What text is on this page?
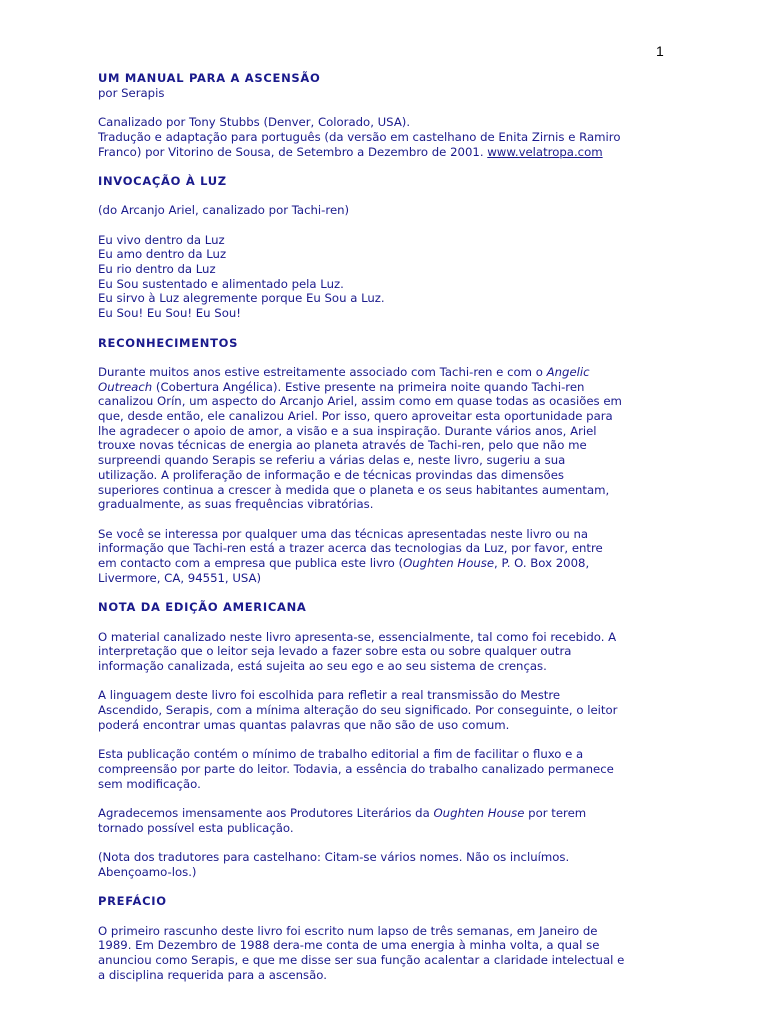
1

UM MANUAL PARA A ASCENSÃO

por Serapis

Canalizado por Tony Stubbs (Denver, Colorado, USA).

Tradução e adaptação para português (da versão em castelhano de Enita Zirnis e Ramiro

Franco) por Vitorino de Sousa, de Setembro a Dezembro de 2001. www.velatropa.com

INVOCAÇÃO À LUZ

(do Arcanjo Ariel, canalizado por Tachi-ren)

Eu vivo dentro da Luz

Eu amo dentro da Luz

Eu rio dentro da Luz

Eu Sou sustentado e alimentado pela Luz.

Eu sirvo à Luz alegremente porque Eu Sou a Luz.

Eu Sou! Eu Sou! Eu Sou!

RECONHECIMENTOS

Durante muitos anos estive estreitamente associado com Tachi-ren e com o Angelic

Outreach (Cobertura Angélica). Estive presente na primeira noite quando Tachi-ren

canalizou Orín, um aspecto do Arcanjo Ariel, assim como em quase todas as ocasiões em

que, desde então, ele canalizou Ariel. Por isso, quero aproveitar esta oportunidade para

lhe agradecer o apoio de amor, a visão e a sua inspiração. Durante vários anos, Ariel

trouxe novas técnicas de energia ao planeta através de Tachi-ren, pelo que não me

surpreendi quando Serapis se referiu a várias delas e, neste livro, sugeriu a sua

utilização. A proliferação de informação e de técnicas provindas das dimensões

superiores continua a crescer à medida que o planeta e os seus habitantes aumentam,

gradualmente, as suas frequências vibratórias.

Se você se interessa por qualquer uma das técnicas apresentadas neste livro ou na

informação que Tachi-ren está a trazer acerca das tecnologias da Luz, por favor, entre

em contacto com a empresa que publica este livro (Oughten House, P. O. Box 2008,

Livermore, CA, 94551, USA)

NOTA DA EDIÇÃO AMERICANA

O material canalizado neste livro apresenta-se, essencialmente, tal como foi recebido. A

interpretação que o leitor seja levado a fazer sobre esta ou sobre qualquer outra

informação canalizada, está sujeita ao seu ego e ao seu sistema de crenças.

A linguagem deste livro foi escolhida para refletir a real transmissão do Mestre

Ascendido, Serapis, com a mínima alteração do seu significado. Por conseguinte, o leitor

poderá encontrar umas quantas palavras que não são de uso comum.

Esta publicação contém o mínimo de trabalho editorial a fim de facilitar o fluxo e a

compreensão por parte do leitor. Todavia, a essência do trabalho canalizado permanece

sem modificação.

Agradecemos imensamente aos Produtores Literários da Oughten House por terem

tornado possível esta publicação.

(Nota dos tradutores para castelhano: Citam-se vários nomes. Não os incluímos.

Abençoamo-los.)

PREFÁCIO

O primeiro rascunho deste livro foi escrito num lapso de três semanas, em Janeiro de

1989. Em Dezembro de 1988 dera-me conta de uma energia à minha volta, a qual se

anunciou como Serapis, e que me disse ser sua função acalentar a claridade intelectual e

a disciplina requerida para a ascensão.
